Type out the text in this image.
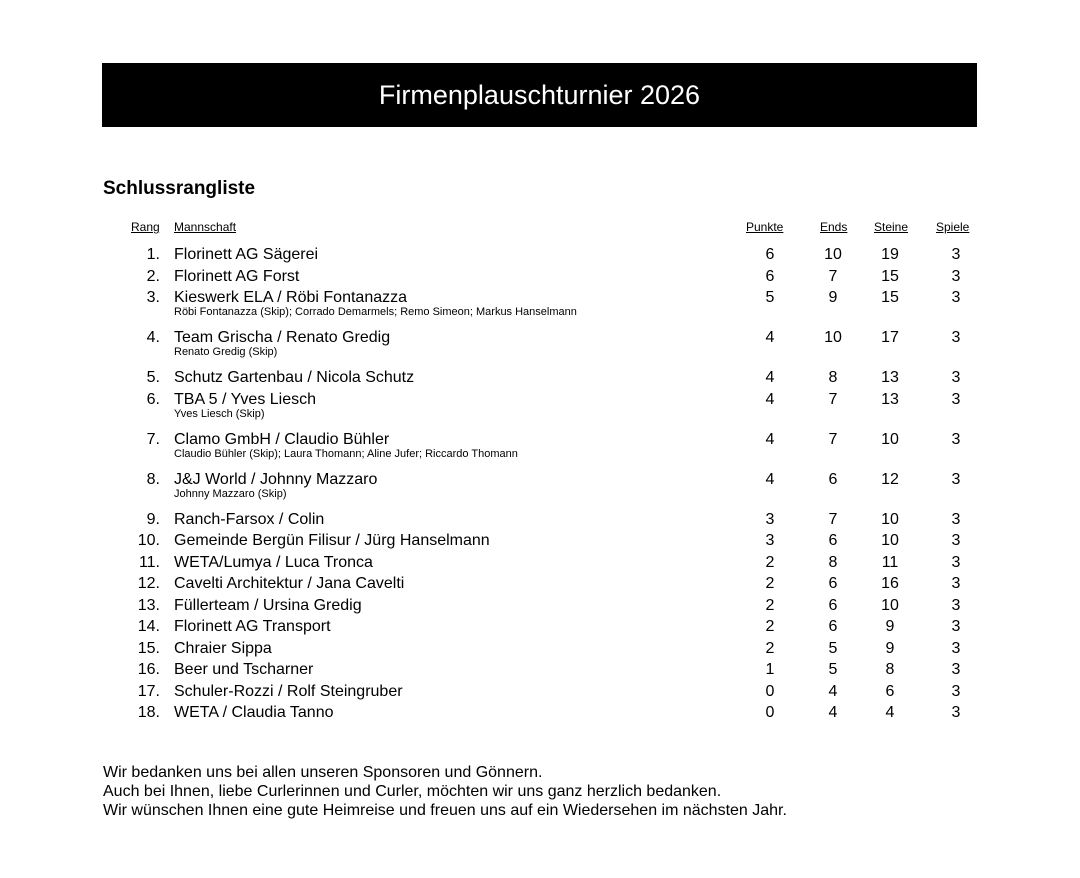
Firmenplauschturnier 2026
Schlussrangliste
Rang Mannschaft	Punkte	Ends Steine Spiele
1. Florinett AG Sägerei	6	10	19	3
2. Florinett AG Forst	6	7	15	3
3. Kieswerk ELA / Röbi Fontanazza	5	9	15	3
Röbi Fontanazza (Skip); Corrado Demarmels; Remo Simeon; Markus Hanselmann
4. Team Grischa / Renato Gredig	4	10	17	3
Renato Gredig (Skip)
5. Schutz Gartenbau / Nicola Schutz	4	8	13	3
6. TBA 5 / Yves Liesch	4	7	13	3
Yves Liesch (Skip)
7. Clamo GmbH / Claudio Bühler	4	7	10	3
Claudio Bühler (Skip); Laura Thomann; Aline Jufer; Riccardo Thomann
8. J&J World / Johnny Mazzaro	4	6	12	3
Johnny Mazzaro (Skip)
9. Ranch-Farsox / Colin	3	7	10	3
10. Gemeinde Bergün Filisur / Jürg Hanselmann	3	6	10	3
11. WETA/Lumya / Luca Tronca	2	8	11	3
12. Cavelti Architektur / Jana Cavelti	2	6	16	3
13. Füllerteam / Ursina Gredig	2	6	10	3
14. Florinett AG Transport	2	6	9	3
15. Chraier Sippa	2	5	9	3
16. Beer und Tscharner	1	5	8	3
17. Schuler-Rozzi / Rolf Steingruber	0	4	6	3
18. WETA / Claudia Tanno	0	4	4	3

Wir bedanken uns bei allen unseren Sponsoren und Gönnern.

Auch bei Ihnen, liebe Curlerinnen und Curler, möchten wir uns ganz herzlich bedanken.

Wir wünschen Ihnen eine gute Heimreise und freuen uns auf ein Wiedersehen im nächsten Jahr.
